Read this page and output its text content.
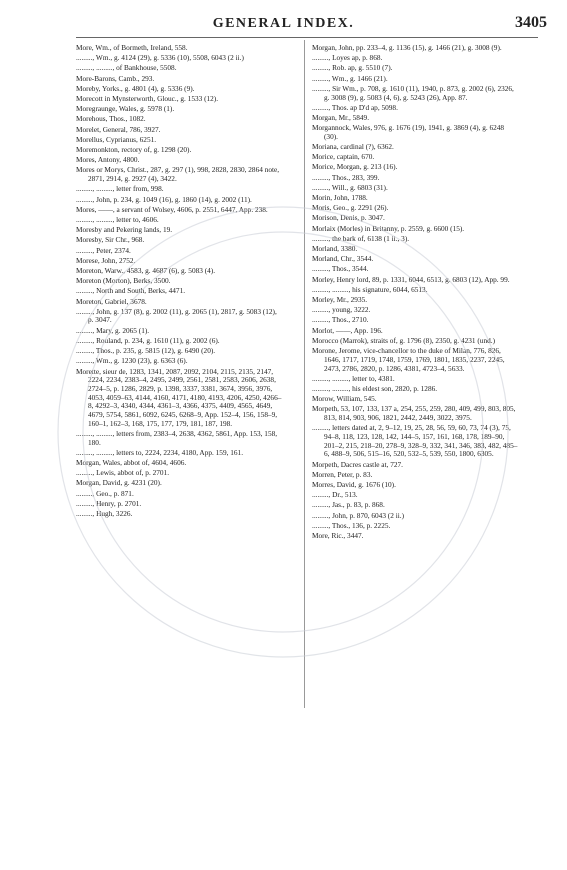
GENERAL INDEX.	3405
More, Wm., of Bormeth, Ireland, 558.
........., Wm., g. 4124 (29), g. 5336 (10), 5508, 6043 (2 ii.)
........., ........., of Bankhouse, 5508.
More-Barons, Camb., 293.
Moreby, Yorks., g. 4801 (4), g. 5336 (9).
Morecott in Mynsterworth, Glouc., g. 1533 (12).
Moregraunge, Wales, g. 5978 (1).
Morehous, Thos., 1082.
Morelet, General, 786, 3927.
Morellus, Cyprianus, 6251.
Moremonkton, rectory of, g. 1298 (20).
Mores, Antony, 4800.
Mores or Morys, Christ., 287, g. 297 (1), 998, 2828, 2830, 2864 note, 2871, 2914, g. 2927 (4), 3422.
........., ........., letter from, 998.
........., John, p. 234, g. 1049 (16), g. 1860 (14), g. 2002 (11).
Mores, ——, a servant of Wolsey, 4606, p. 2551, 6447, App. 238.
........., ........., letter to, 4606.
Moresby and Pekering lands, 19.
Moresby, Sir Chr., 968.
........., Peter, 2374.
Morese, John, 2752.
Moreton, Warw., 4583, g. 4687 (6), g. 5083 (4).
Moreton (Morton), Berks, 3500.
........., North and South, Berks, 4471.
Moreton, Gabriel, 3678.
........., John, g. 137 (8), g. 2002 (11), g. 2065 (1), 2817, g. 5083 (12), p. 3047.
........., Mary, g. 2065 (1).
........., Rouland, p. 234, g. 1610 (11), g. 2002 (6).
........., Thos., p. 235, g. 5815 (12), g. 6490 (20).
........., Wm., g. 1230 (23), g. 6363 (6).
Morette, sieur de, 1283, 1341, 2087, 2092, 2104, 2115, 2135, 2147, 2224, 2234, 2383–4, 2495, 2499, 2561, 2581, 2583, 2606, 2638, 2724–5, p. 1286, 2829, p. 1398, 3337, 3381, 3674, 3956, 3976, 4053, 4059–63, 4144, 4160, 4171, 4180, 4193, 4206, 4250, 4266–8, 4292–3, 4340, 4344, 4361–3, 4366, 4375, 4409, 4565, 4649, 4679, 5754, 5861, 6092, 6245, 6268–9, App. 152–4, 156, 158–9, 160–1, 162–3, 168, 175, 177, 179, 181, 187, 198.
........., ........., letters from, 2383–4, 2638, 4362, 5861, App. 153, 158, 180.
........., ........., letters to, 2224, 2234, 4180, App. 159, 161.
Morgan, Wales, abbot of, 4604, 4606.
........., Lewis, abbot of, p. 2701.
Morgan, David, g. 4231 (20).
........., Geo., p. 871.
........., Henry, p. 2701.
........., Hugh, 3226.
Morgan, John, pp. 233–4, g. 1136 (15), g. 1466 (21), g. 3008 (9).
........., Loyes ap, p. 868.
........., Rob. ap, g. 5510 (7).
........., Wm., g. 1466 (21).
........., Sir Wm., p. 708, g. 1610 (11), 1940, p. 873, g. 2002 (6), 2326, g. 3008 (9), g. 5083 (4, 6), g. 5243 (26), App. 87.
........., Thos. ap D'd ap, 5098.
Morgan, Mr., 5849.
Morgannock, Wales, 976, g. 1676 (19), 1941, g. 3869 (4), g. 6248 (30).
Moriana, cardinal (?), 6362.
Morice, captain, 670.
Morice, Morgan, g. 213 (16).
........., Thos., 283, 399.
........., Will., g. 6803 (31).
Morin, John, 1788.
Moris, Geo., g. 2291 (26).
Morison, Denis, p. 3047.
Morlaix (Morles) in Britanny, p. 2559, g. 6600 (15).
........., the bark of, 6138 (1 ii., 3).
Morland, 3380.
Morland, Chr., 3544.
........., Thos., 3544.
Morley, Henry lord, 89, p. 1331, 6044, 6513, g. 6803 (12), App. 99.
........., ........., his signature, 6044, 6513.
Morley, Mr., 2935.
........., young, 3222.
........., Thos., 2710.
Morlot, ——, App. 196.
Morocco (Marrok), straits of, g. 1796 (8), 2350, g. 4231 (und.)
Morone, Jerome, vice-chancellor to the duke of Milan, 776, 826, 1646, 1717, 1719, 1748, 1759, 1769, 1801, 1835, 2237, 2245, 2473, 2786, 2820, p. 1286, 4381, 4723–4, 5633.
........., ........., letter to, 4381.
........., ........., his eldest son, 2820, p. 1286.
Morow, William, 545.
Morpeth, 53, 107, 133, 137 a, 254, 255, 259, 280, 409, 499, 803, 805, 813, 814, 903, 906, 1821, 2442, 2449, 3022, 3975.
........., letters dated at, 2, 9–12, 19, 25, 28, 56, 59, 60, 73, 74 (3), 75, 94–8, 118, 123, 128, 142, 144–5, 157, 161, 168, 178, 189–90, 201–2, 215, 218–20, 278–9, 328–9, 332, 341, 346, 383, 482, 485–6, 488–9, 506, 515–16, 520, 532–5, 539, 550, 1800, 6305.
Morpeth, Dacres castle at, 727.
Morren, Peter, p. 83.
Morres, David, g. 1676 (10).
........., Dr., 513.
........., Jas., p. 83, p. 868.
........., John, p. 870, 6043 (2 ii.)
........., Thos., 136, p. 2225.
More, Ric., 3447.
